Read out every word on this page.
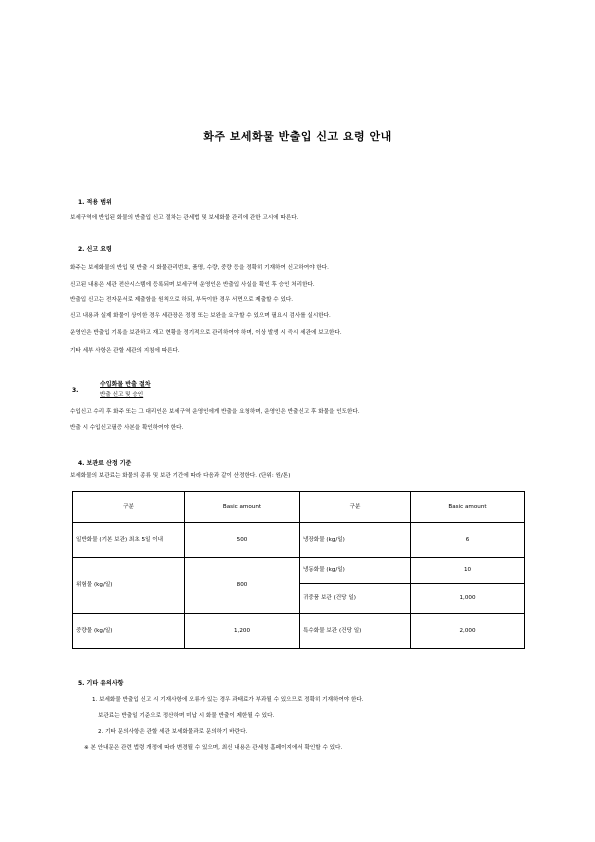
화주 보세화물 반출입 신고 요령 안내
1. 적용 범위
보세구역에 반입된 화물의 반출입 신고 절차는 관세법 및 보세화물 관리에 관한 고시에 따른다.
2. 신고 요령
화주는 보세화물의 반입 및 반출 시 화물관리번호, 품명, 수량, 중량 등을 정확히 기재하여 신고하여야 한다.
신고된 내용은 세관 전산시스템에 등록되며 보세구역 운영인은 반출입 사실을 확인 후 승인 처리한다.
반출입 신고는 전자문서로 제출함을 원칙으로 하되, 부득이한 경우 서면으로 제출할 수 있다.
신고 내용과 실제 화물이 상이한 경우 세관장은 정정 또는 보완을 요구할 수 있으며 필요시 검사를 실시한다.
운영인은 반출입 기록을 보관하고 재고 현황을 정기적으로 관리하여야 하며, 이상 발생 시 즉시 세관에 보고한다.
기타 세부 사항은 관할 세관의 지침에 따른다.
3.
수입화물 반출 절차
반출 신고 및 승인
수입신고 수리 후 화주 또는 그 대리인은 보세구역 운영인에게 반출을 요청하며, 운영인은 반출신고 후 화물을 인도한다.
반출 시 수입신고필증 사본을 확인하여야 한다.
4. 보관료 산정 기준
보세화물의 보관료는 화물의 종류 및 보관 기간에 따라 다음과 같이 산정한다. (단위: 원/톤)
구분	Basic amount	구분	Basic amount
일반화물 (기본 보관) 최초 5일 이내	500	냉장화물 (kg/일)	6
위험물 (kg/일)	800	냉동화물 (kg/일)	10
		귀중품 보관 (건당 일)	1,000
중량물 (kg/일)	1,200	특수화물 보관 (건당 일)	2,000
5. 기타 유의사항
1. 보세화물 반출입 신고 시 기재사항에 오류가 있는 경우 과태료가 부과될 수 있으므로 정확히 기재하여야 한다.
보관료는 반출일 기준으로 정산하며 미납 시 화물 반출이 제한될 수 있다.
2. 기타 문의사항은 관할 세관 보세화물과로 문의하기 바란다.
※ 본 안내문은 관련 법령 개정에 따라 변경될 수 있으며, 최신 내용은 관세청 홈페이지에서 확인할 수 있다.
